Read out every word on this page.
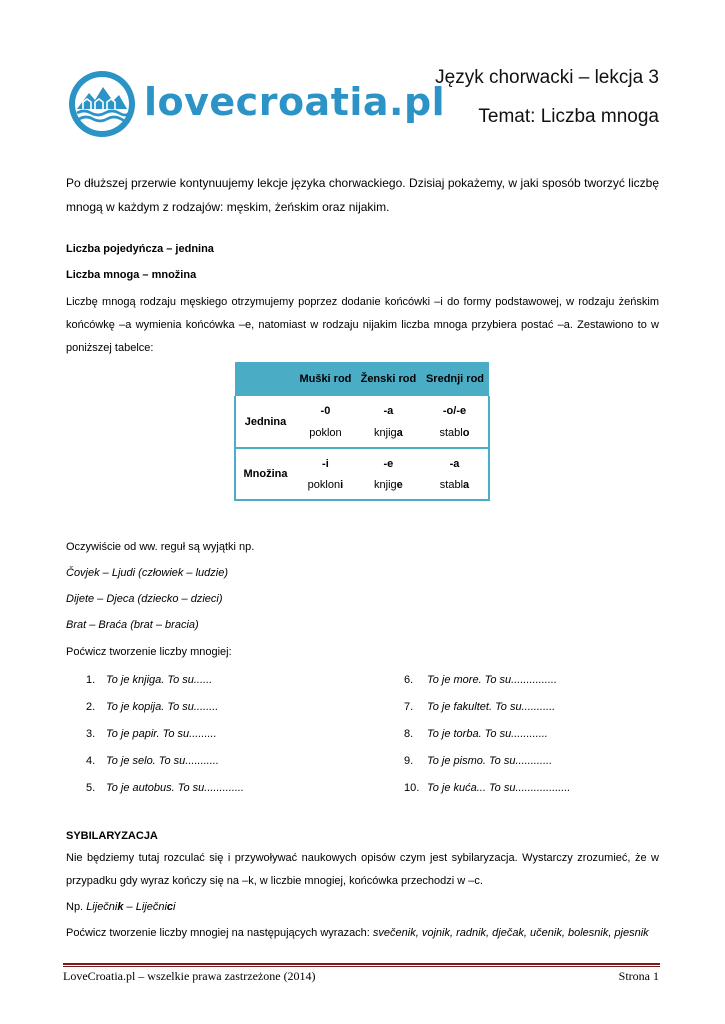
lovecroatia.pl
Język chorwacki – lekcja 3
Temat: Liczba mnoga
Po dłuższej przerwie kontynuujemy lekcje języka chorwackiego. Dzisiaj pokażemy, w jaki sposób tworzyć liczbę mnogą w każdym z rodzajów: męskim, żeńskim oraz nijakim.
Liczba pojedyńcza – jednina
Liczba mnoga – množina
Liczbę mnogą rodzaju męskiego otrzymujemy poprzez dodanie końcówki –i do formy podstawowej, w rodzaju żeńskim końcówkę –a wymienia końcówka –e, natomiast w rodzaju nijakim liczba mnoga przybiera postać –a. Zestawiono to w poniższej tabelce:
	Muški rod	Ženski rod	Srednji rod
Jednina	-0	-a	-o/-e
	poklon	knjiga	stablo
Množina	-i	-e	-a
	pokloni	knjige	stabla
Oczywiście od ww. reguł są wyjątki np.
Čovjek – Ljudi (człowiek – ludzie)
Dijete – Djeca (dziecko – dzieci)
Brat – Braća (brat – bracia)
Poćwicz tworzenie liczby mnogiej:
1. To je knjiga. To su......
2. To je kopija. To su........
3. To je papir. To su.........
4. To je selo. To su...........
5. To je autobus. To su.............
6. To je more. To su...............
7. To je fakultet. To su...........
8. To je torba. To su............
9. To je pismo. To su............
10. To je kuća... To su..................
SYBILARYZACJA
Nie będziemy tutaj rozculać się i przywoływać naukowych opisów czym jest sybilaryzacja. Wystarczy zrozumieć, że w przypadku gdy wyraz kończy się na –k, w liczbie mnogiej, końcówka przechodzi w –c.
Np. Liječnik – Liječnici
Poćwicz tworzenie liczby mnogiej na następujących wyrazach: svečenik, vojnik, radnik, dječak, učenik, bolesnik, pjesnik
LoveCroatia.pl – wszelkie prawa zastrzeżone (2014)	Strona 1
